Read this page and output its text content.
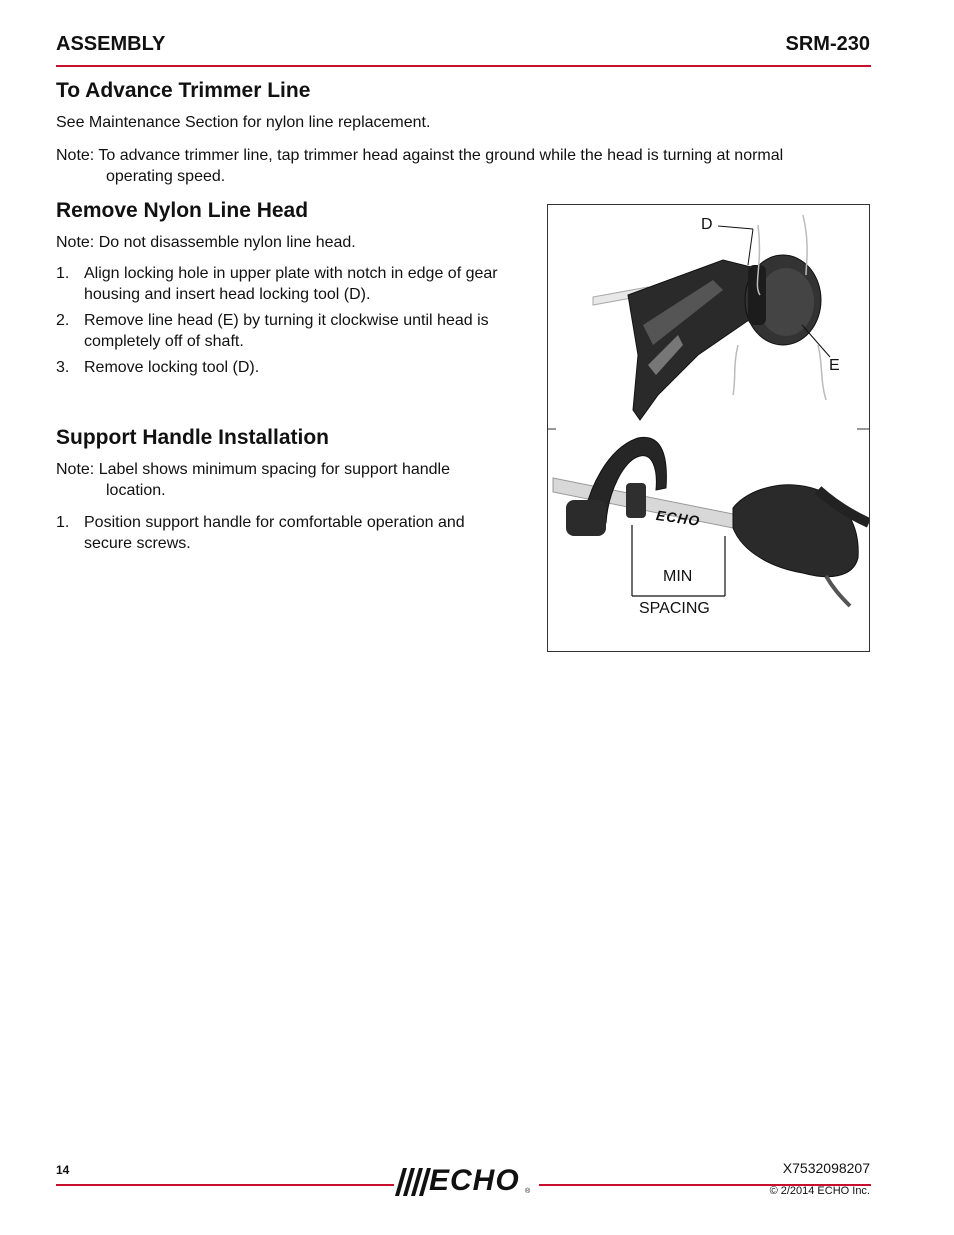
ASSEMBLY	SRM-230
To Advance Trimmer Line
See Maintenance Section for nylon line replacement.
Note: To advance trimmer line, tap trimmer head against the ground while the head is turning at normal
operating speed.
Remove Nylon Line Head
Note: Do not disassemble nylon line head.
1. Align locking hole in upper plate with notch in edge of gear
housing and insert head locking tool (D).
2. Remove line head (E) by turning it clockwise until head is
completely off of shaft.
3. Remove locking tool (D).
Support Handle Installation
Note: Label shows minimum spacing for support handle
location.
1. Position support handle for comfortable operation and
secure screws.
D
E
ECHO
MIN
SPACING
14	ECHO ®
X7532098207
© 2/2014 ECHO Inc.
